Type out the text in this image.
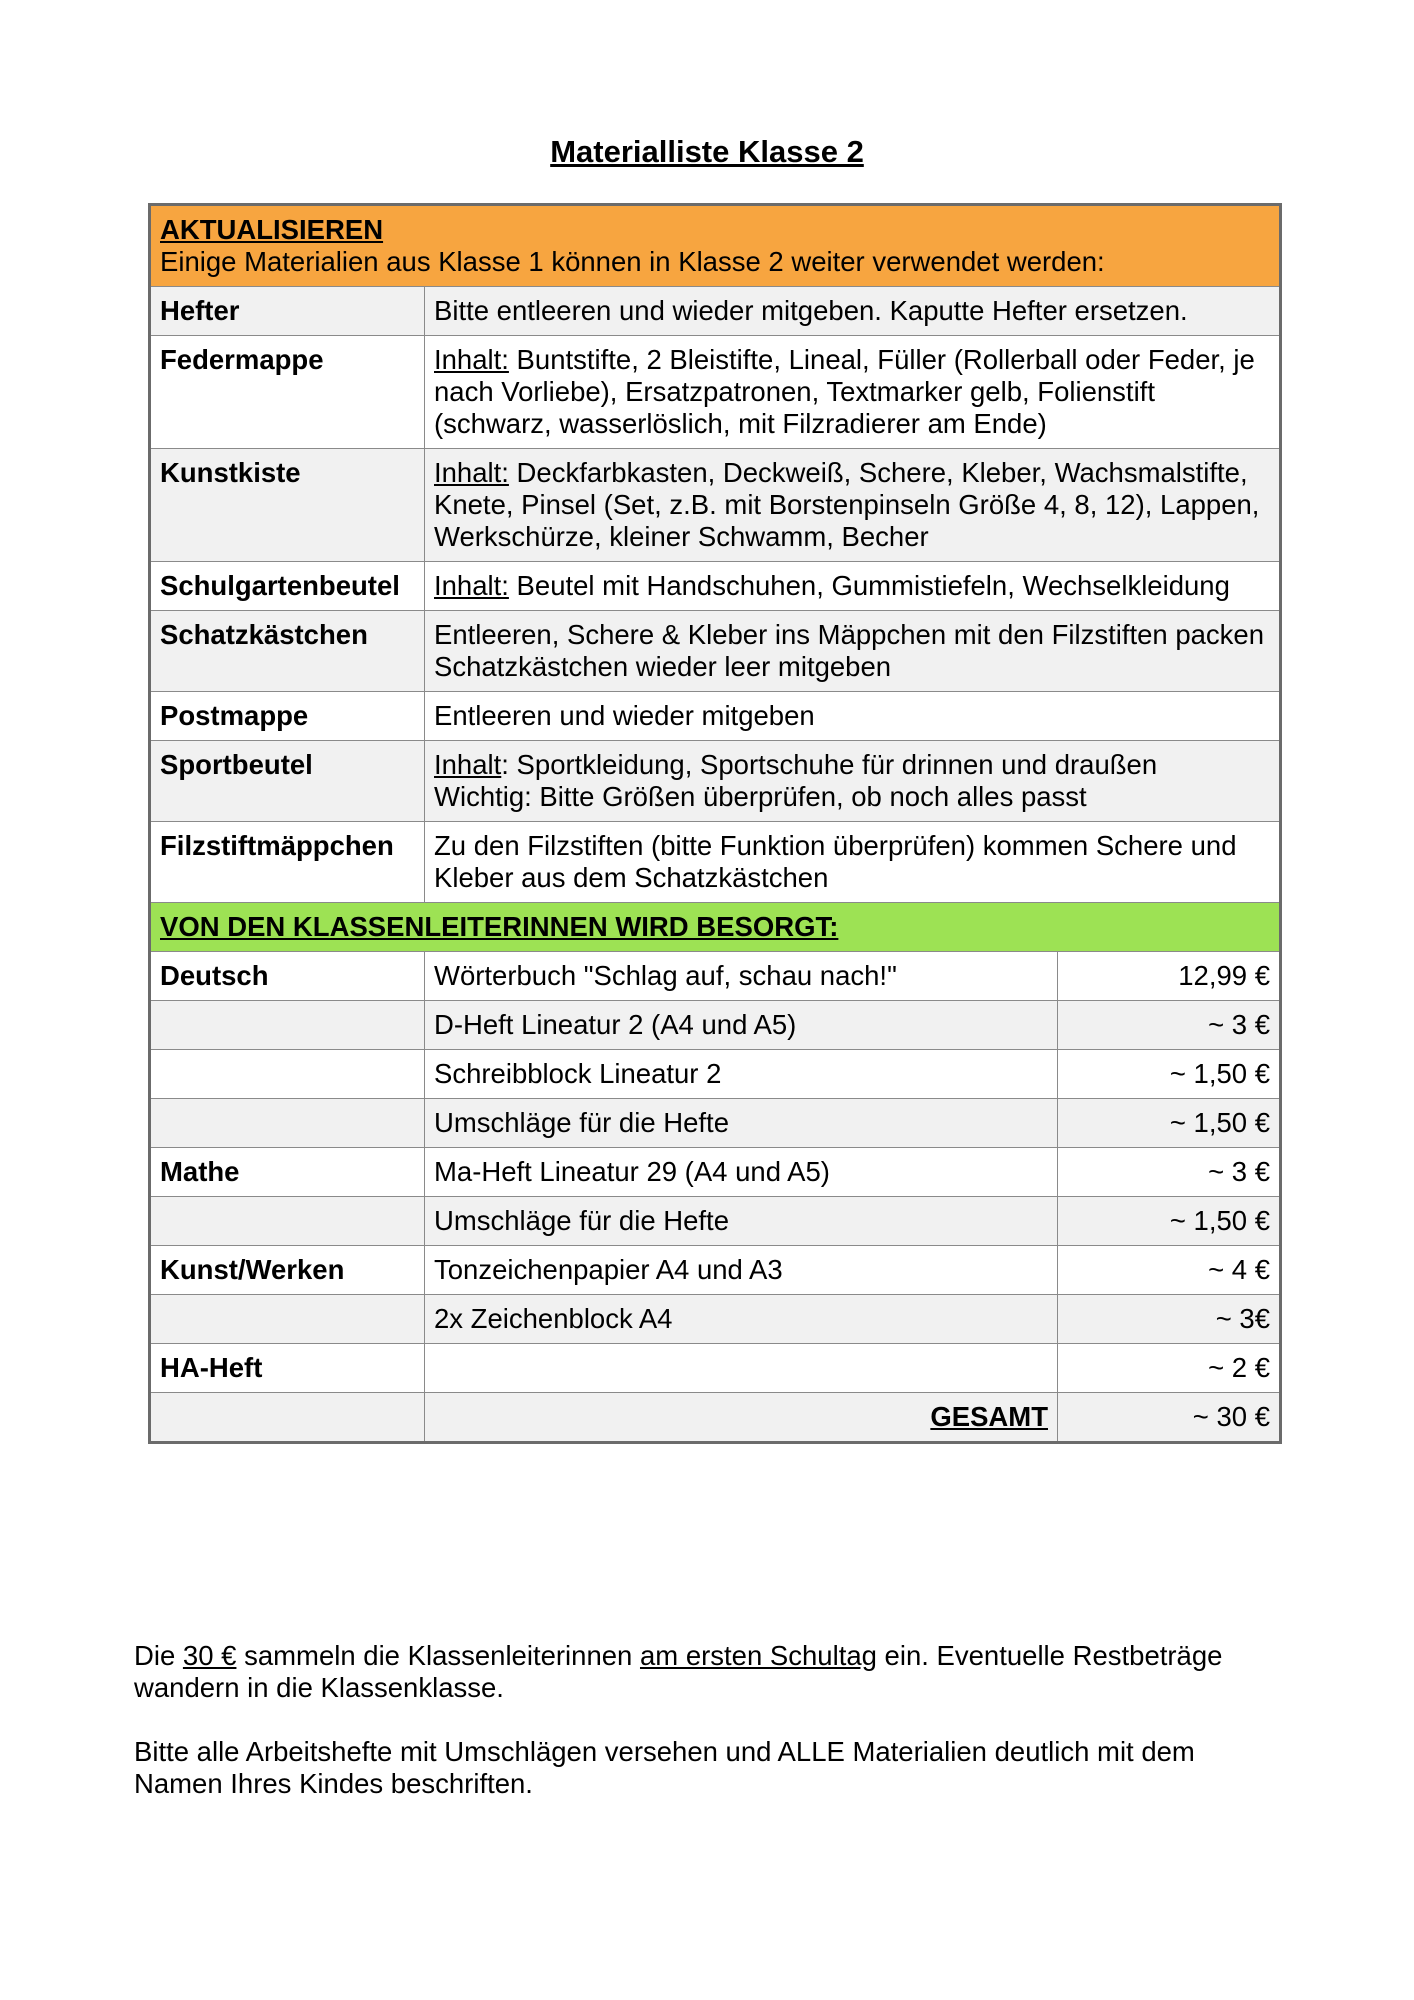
Materialliste Klasse 2
AKTUALISIEREN
Einige Materialien aus Klasse 1 können in Klasse 2 weiter verwendet werden:		

Hefter	Bitte entleeren und wieder mitgeben. Kaputte Hefter ersetzen.	
Federmappe	Inhalt: Buntstifte, 2 Bleistifte, Lineal, Füller (Rollerball oder Feder, je nach Vorliebe), Ersatzpatronen, Textmarker gelb, Folienstift (schwarz, wasserlöslich, mit Filzradierer am Ende)	
Kunstkiste	Inhalt: Deckfarbkasten, Deckweiß, Schere, Kleber, Wachsmalstifte, Knete, Pinsel (Set, z.B. mit Borstenpinseln Größe 4, 8, 12), Lappen, Werkschürze, kleiner Schwamm, Becher	
Schulgartenbeutel	Inhalt: Beutel mit Handschuhen, Gummistiefeln, Wechselkleidung	
Schatzkästchen	Entleeren, Schere & Kleber ins Mäppchen mit den Filzstiften packen
Schatzkästchen wieder leer mitgeben	

Postmappe	Entleeren und wieder mitgeben	
Sportbeutel	Inhalt: Sportkleidung, Sportschuhe für drinnen und draußen
Wichtig: Bitte Größen überprüfen, ob noch alles passt	

Filzstiftmäppchen	Zu den Filzstiften (bitte Funktion überprüfen) kommen Schere und Kleber aus dem Schatzkästchen	
VON DEN KLASSENLEITERINNEN WIRD BESORGT:		
Deutsch	Wörterbuch "Schlag auf, schau nach!"	12,99 €
	D-Heft Lineatur 2 (A4 und A5)	~ 3 €
	Schreibblock Lineatur 2	~ 1,50 €
	Umschläge für die Hefte	~ 1,50 €
Mathe	Ma-Heft Lineatur 29 (A4 und A5)	~ 3 €
	Umschläge für die Hefte	~ 1,50 €
Kunst/Werken	Tonzeichenpapier A4 und A3	~ 4 €
	2x Zeichenblock A4	~ 3€
HA-Heft		~ 2 €
	GESAMT	~ 30 €

Die 30 € sammeln die Klassenleiterinnen am ersten Schultag ein. Eventuelle Restbeträge wandern in die Klassenklasse.

Bitte alle Arbeitshefte mit Umschlägen versehen und ALLE Materialien deutlich mit dem Namen Ihres Kindes beschriften.
